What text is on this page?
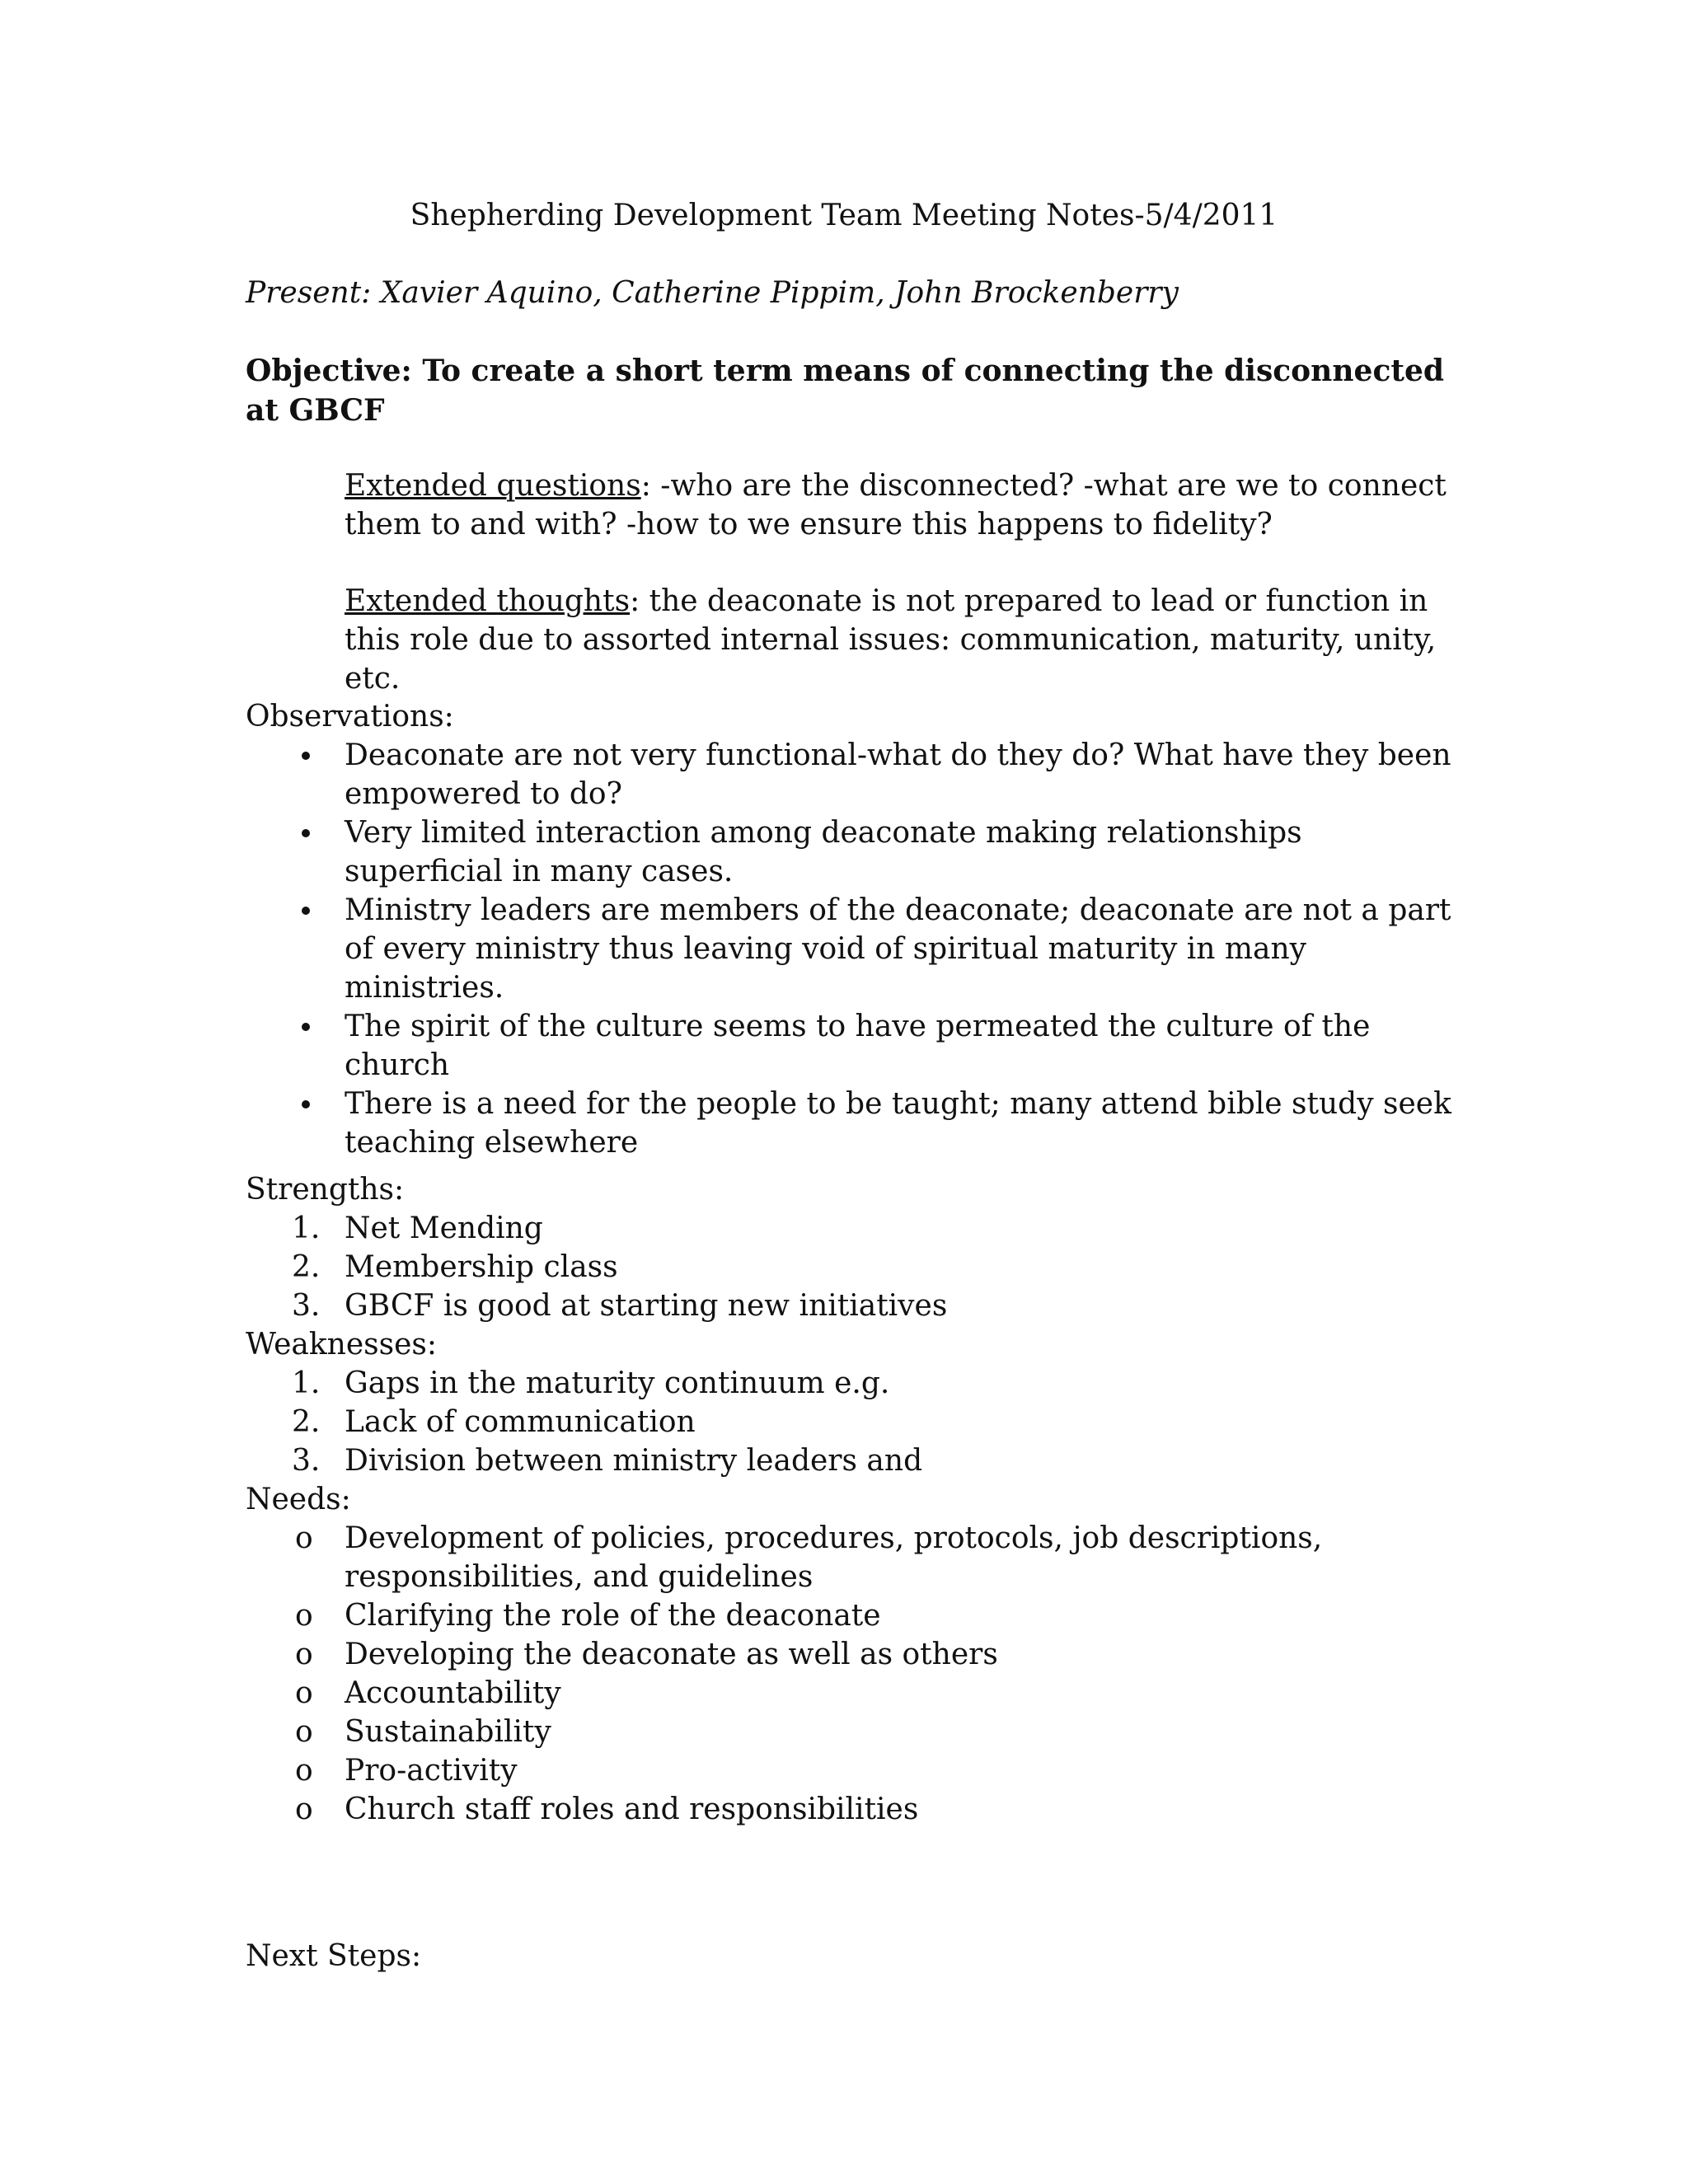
Shepherding Development Team Meeting Notes-5/4/2011
Present: Xavier Aquino, Catherine Pippim, John Brockenberry
Objective: To create a short term means of connecting the disconnected at GBCF
Extended questions: -who are the disconnected? -what are we to connect them to and with? -how to we ensure this happens to fidelity?
Extended thoughts: the deaconate is not prepared to lead or function in this role due to assorted internal issues: communication, maturity, unity, etc.
Observations:
Deaconate are not very functional-what do they do? What have they been empowered to do?
Very limited interaction among deaconate making relationships superficial in many cases.
Ministry leaders are members of the deaconate; deaconate are not a part of every ministry thus leaving void of spiritual maturity in many ministries.
The spirit of the culture seems to have permeated the culture of the church
There is a need for the people to be taught; many attend bible study seek teaching elsewhere
Strengths:
1. Net Mending
2. Membership class
3. GBCF is good at starting new initiatives
Weaknesses:
1. Gaps in the maturity continuum e.g.
2. Lack of communication
3. Division between ministry leaders and
Needs:
o Development of policies, procedures, protocols, job descriptions, responsibilities, and guidelines
o Clarifying the role of the deaconate
o Developing the deaconate as well as others
o Accountability
o Sustainability
o Pro-activity
o Church staff roles and responsibilities
Next Steps:
